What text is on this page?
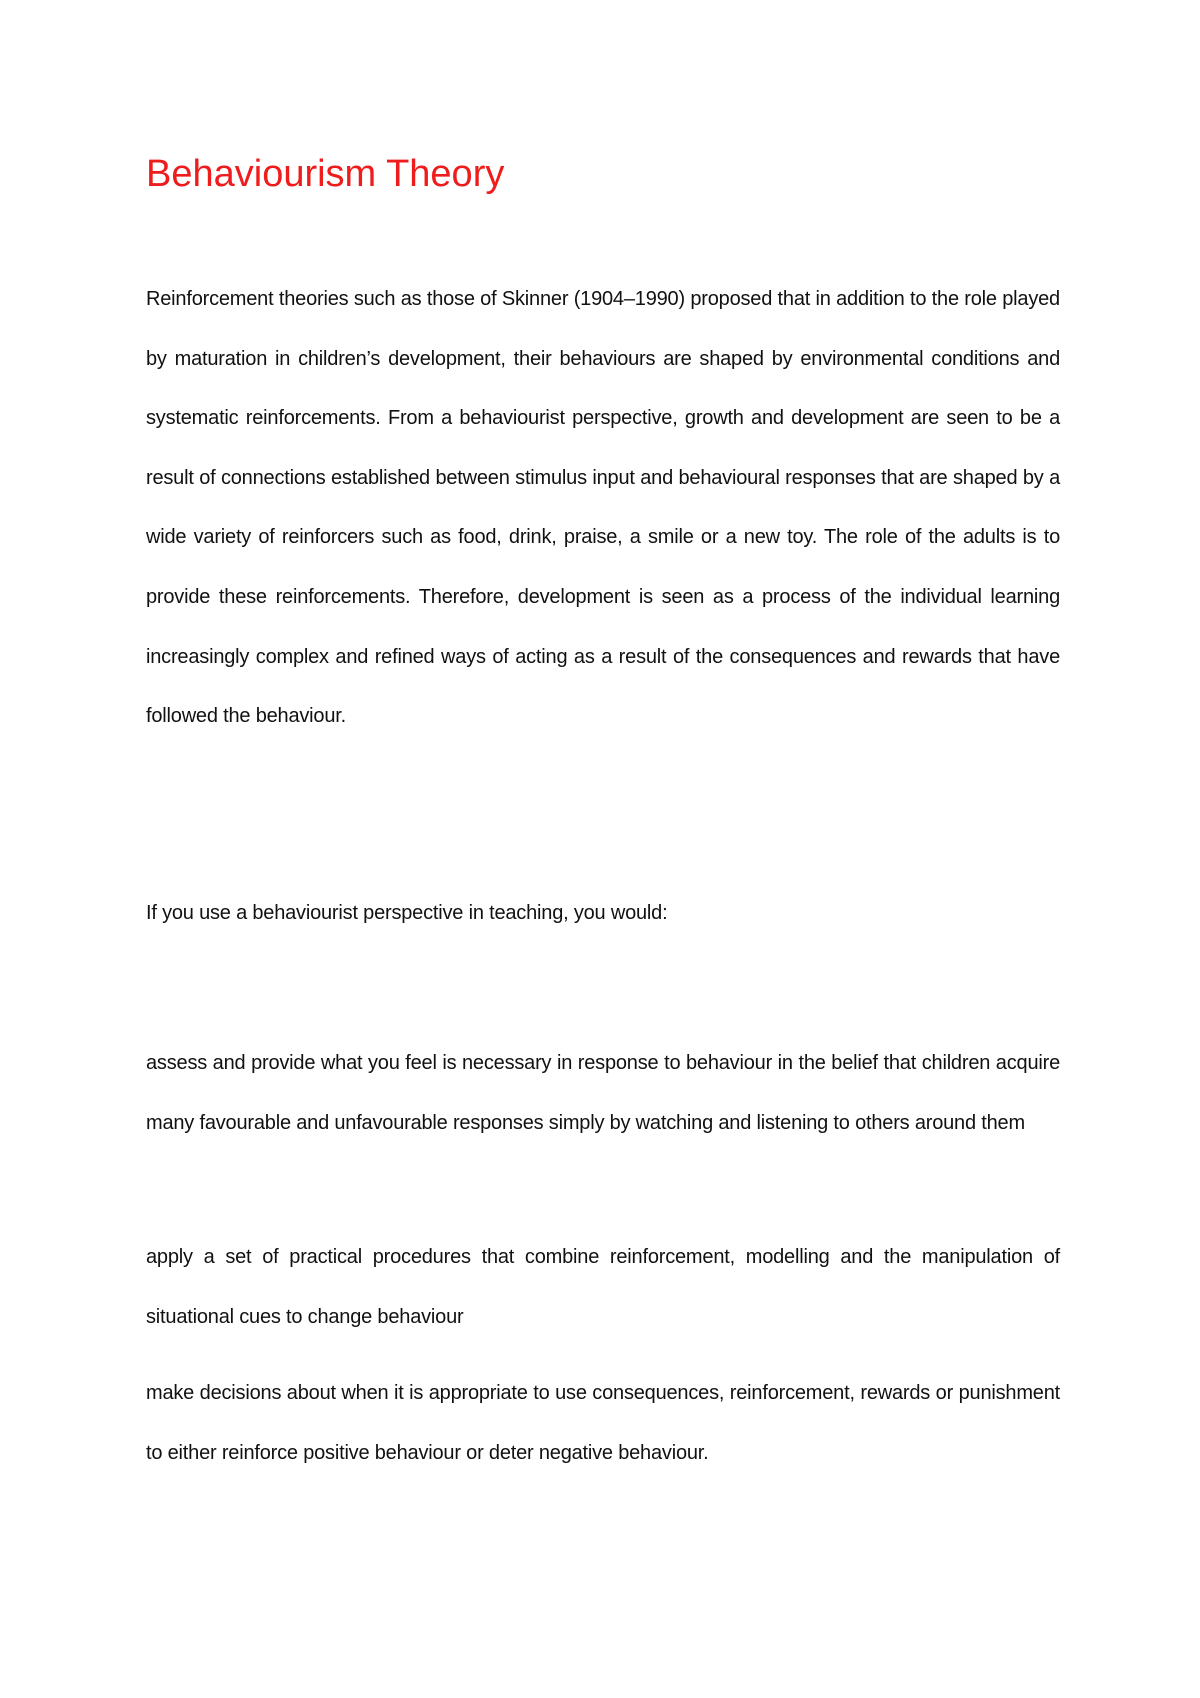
Behaviourism Theory

Reinforcement theories such as those of Skinner (1904–1990) proposed that in addition to the role played by maturation in children’s development, their behaviours are shaped by environmental conditions and systematic reinforcements. From a behaviourist perspective, growth and development are seen to be a result of connections established between stimulus input and behavioural responses that are shaped by a wide variety of reinforcers such as food, drink, praise, a smile or a new toy. The role of the adults is to provide these reinforcements. Therefore, development is seen as a process of the individual learning increasingly complex and refined ways of acting as a result of the consequences and rewards that have followed the behaviour.

If you use a behaviourist perspective in teaching, you would:

assess and provide what you feel is necessary in response to behaviour in the belief that children acquire many favourable and unfavourable responses simply by watching and listening to others around them

apply a set of practical procedures that combine reinforcement, modelling and the manipulation of situational cues to change behaviour

make decisions about when it is appropriate to use consequences, reinforcement, rewards or punishment to either reinforce positive behaviour or deter negative behaviour.
